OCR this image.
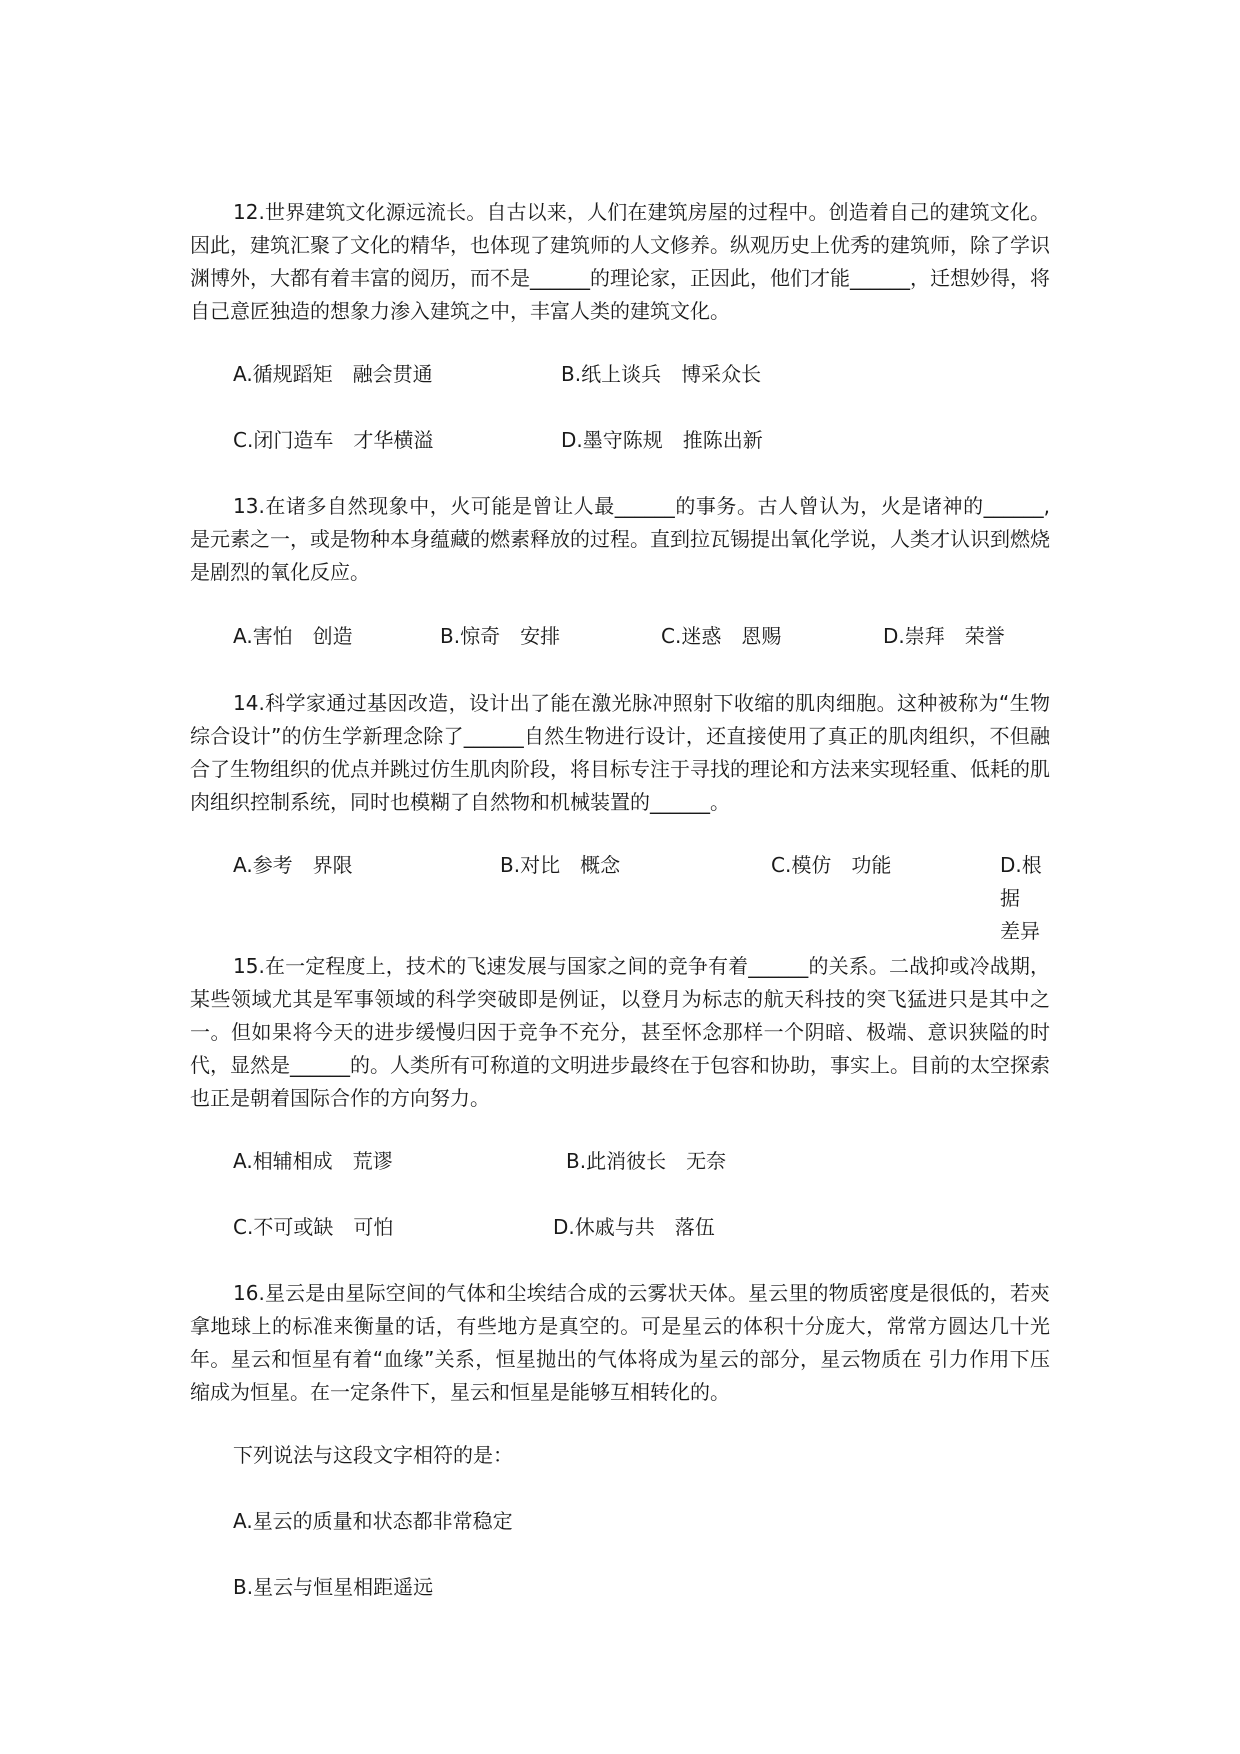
12.世界建筑文化源远流长。自古以来，人们在建筑房屋的过程中。创造着自己的建筑文化。因此，建筑汇聚了文化的精华，也体现了建筑师的人文修养。纵观历史上优秀的建筑师，除了学识渊博外，大都有着丰富的阅历，而不是______的理论家，正因此，他们才能______，迁想妙得，将自己意匠独造的想象力渗入建筑之中，丰富人类的建筑文化。

A.循规蹈矩　融会贯通	B.纸上谈兵　博采众长
C.闭门造车　才华横溢	D.墨守陈规　推陈出新

13.在诸多自然现象中，火可能是曾让人最______的事务。古人曾认为，火是诸神的______,是元素之一，或是物种本身蕴藏的燃素释放的过程。直到拉瓦锡提出氧化学说，人类才认识到燃烧是剧烈的氧化反应。

A.害怕　创造	B.惊奇　安排	C.迷惑　恩赐	D.崇拜　荣誉

14.科学家通过基因改造，设计出了能在激光脉冲照射下收缩的肌肉细胞。这种被称为“生物综合设计”的仿生学新理念除了______自然生物进行设计，还直接使用了真正的肌肉组织，不但融合了生物组织的优点并跳过仿生肌肉阶段，将目标专注于寻找的理论和方法来实现轻重、低耗的肌肉组织控制系统，同时也模糊了自然物和机械装置的______。

A.参考　界限	B.对比　概念	C.模仿　功能	D.根据　差异

15.在一定程度上，技术的飞速发展与国家之间的竞争有着______的关系。二战抑或冷战期，某些领域尤其是军事领域的科学突破即是例证，以登月为标志的航天科技的突飞猛进只是其中之一。但如果将今天的进步缓慢归因于竞争不充分，甚至怀念那样一个阴暗、极端、意识狭隘的时代，显然是______的。人类所有可称道的文明进步最终在于包容和协助，事实上。目前的太空探索也正是朝着国际合作的方向努力。

A.相辅相成　荒谬	B.此消彼长　无奈
C.不可或缺　可怕	D.休戚与共　落伍

16.星云是由星际空间的气体和尘埃结合成的云雾状天体。星云里的物质密度是很低的，若㚒拿地球上的标准来衡量的话，有些地方是真空的。可是星云的体积十分庞大，常常方圆达几十光年。星云和恒星有着“血缘”关系，恒星抛出的气体将成为星云的部分，星云物质在 引力作用下压缩成为恒星。在一定条件下，星云和恒星是能够互相转化的。

下列说法与这段文字相符的是：

A.星云的质量和状态都非常稳定

B.星云与恒星相距遥远
